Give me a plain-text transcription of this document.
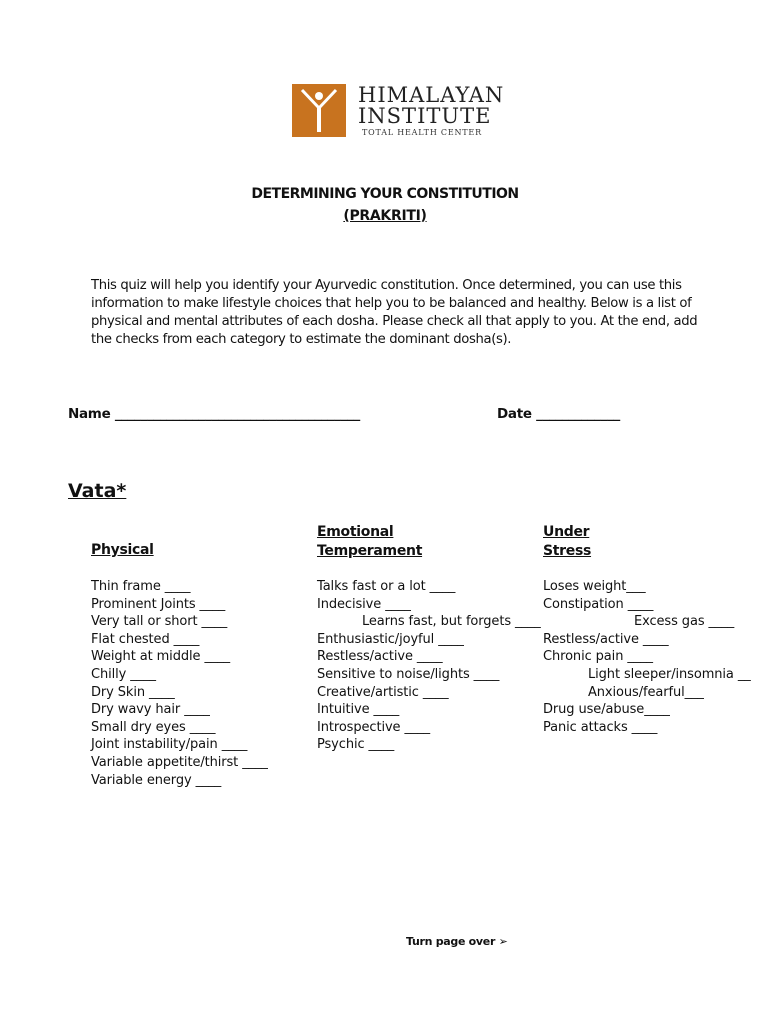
HIMALAYAN
INSTITUTE
TOTAL HEALTH CENTER
DETERMINING YOUR CONSTITUTION
(PRAKRITI)
This quiz will help you identify your Ayurvedic constitution. Once determined, you can use this information to make lifestyle choices that help you to be balanced and healthy. Below is a list of physical and mental attributes of each dosha. Please check all that apply to you. At the end, add the checks from each category to estimate the dominant dosha(s).
Name ______________________________________	Date _____________
Vata*
Physical
Emotional
Temperament
Under
Stress
Thin frame ____
Prominent Joints ____
Very tall or short ____
Flat chested ____
Weight at middle ____
Chilly ____
Dry Skin ____
Dry wavy hair ____
Small dry eyes ____
Joint instability/pain ____
Variable appetite/thirst ____
Variable energy ____
Talks fast or a lot ____
Indecisive ____
Learns fast, but forgets ____
Enthusiastic/joyful ____
Restless/active ____
Sensitive to noise/lights ____
Creative/artistic ____
Intuitive ____
Introspective ____
Psychic ____
Loses weight___
Constipation ____
Excess gas ____
Restless/active ____
Chronic pain ____
Light sleeper/insomnia __
Anxious/fearful___
Drug use/abuse____
Panic attacks ____
Turn page over ➢
